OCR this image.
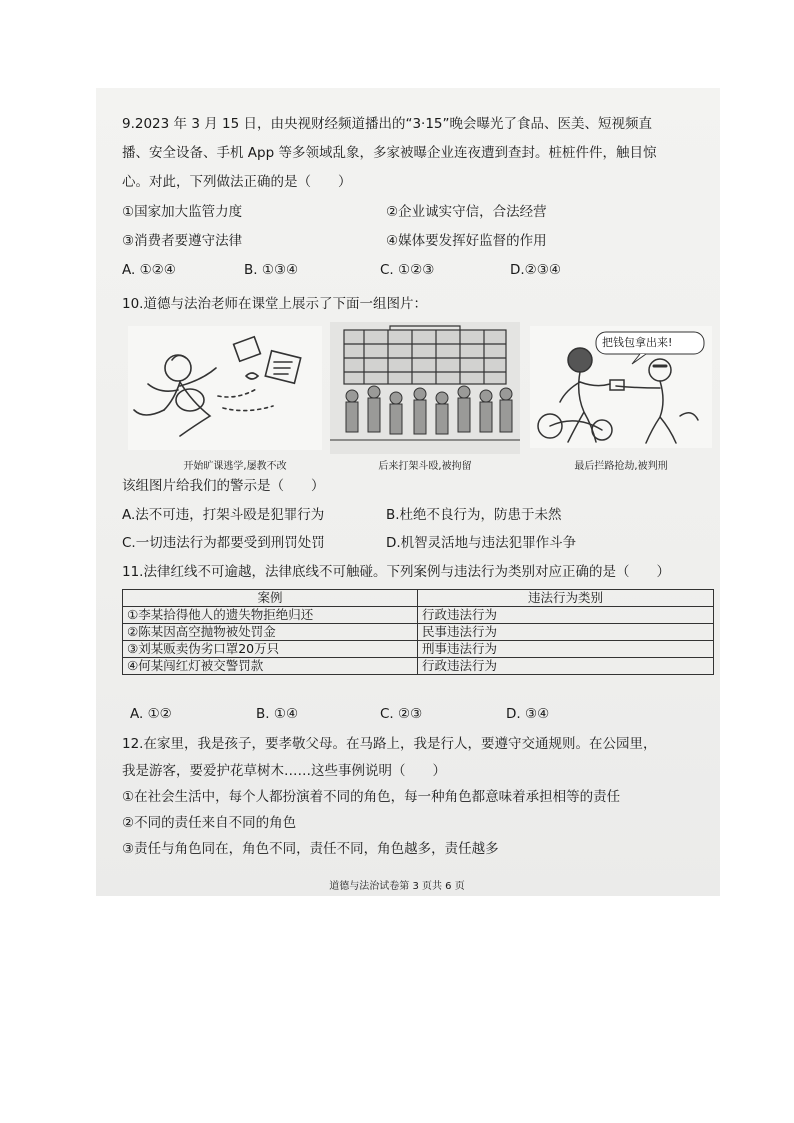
9.2023 年 3 月 15 日，由央视财经频道播出的“3·15”晚会曝光了食品、医美、短视频直
播、安全设备、手机 App 等多领域乱象，多家被曝企业连夜遭到查封。桩桩件件，触目惊
心。对此，下列做法正确的是（　　）
①国家加大监管力度	②企业诚实守信，合法经营
③消费者要遵守法律	④媒体要发挥好监督的作用
A. ①②④	B. ①③④	C. ①②③	D.②③④
10.道德与法治老师在课堂上展示了下面一组图片：
开始旷课逃学,屡教不改	后来打架斗殴,被拘留
把钱包拿出来!
最后拦路抢劫,被判刑
该组图片给我们的警示是（　　）
A.法不可违，打架斗殴是犯罪行为	B.杜绝不良行为，防患于未然
C.一切违法行为都要受到刑罚处罚	D.机智灵活地与违法犯罪作斗争
11.法律红线不可逾越，法律底线不可触碰。下列案例与违法行为类别对应正确的是（　　）
案例	违法行为类别
①李某拾得他人的遗失物拒绝归还	行政违法行为
②陈某因高空抛物被处罚金	民事违法行为
③刘某贩卖伪劣口罩20万只	刑事违法行为
④何某闯红灯被交警罚款	行政违法行为
A. ①②	B. ①④	C. ②③	D. ③④
12.在家里，我是孩子，要孝敬父母。在马路上，我是行人，要遵守交通规则。在公园里，
我是游客，要爱护花草树木……这些事例说明（　　）
①在社会生活中，每个人都扮演着不同的角色，每一种角色都意味着承担相等的责任
②不同的责任来自不同的角色
③责任与角色同在，角色不同，责任不同，角色越多，责任越多
道德与法治试卷第 3 页共 6 页
